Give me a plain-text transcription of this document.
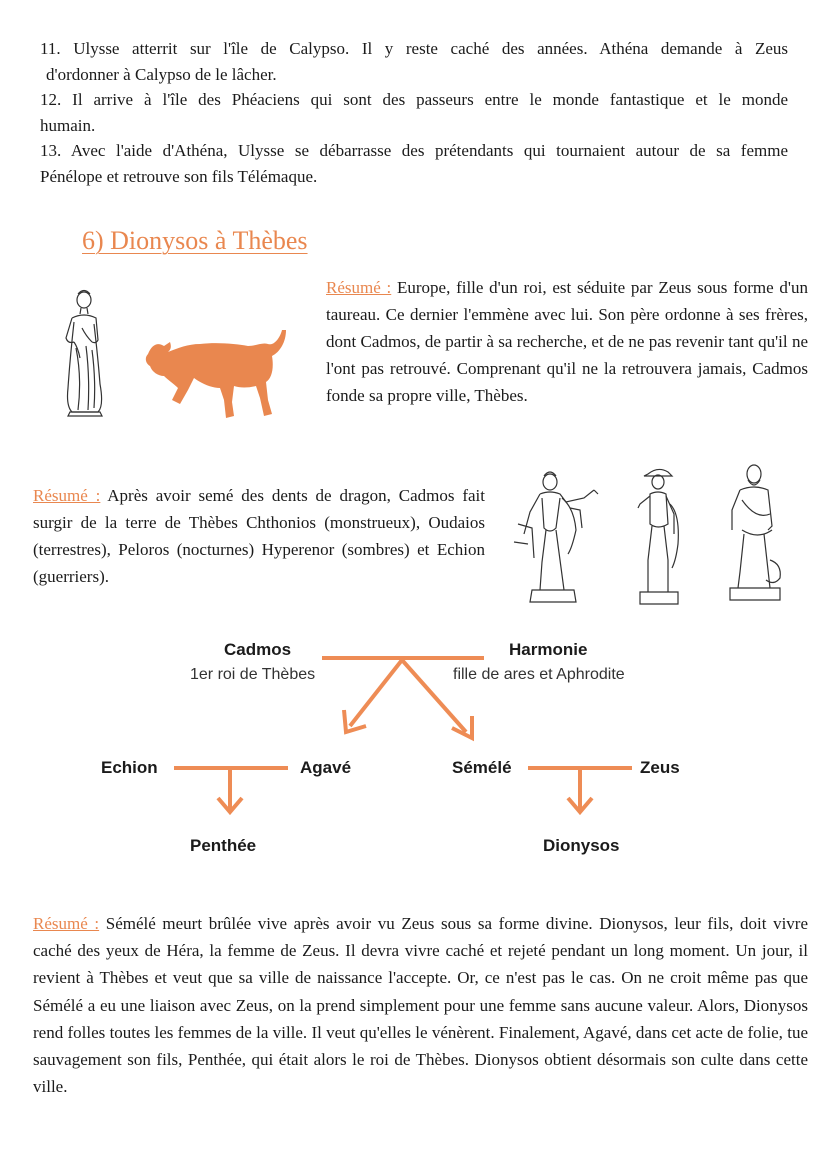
11. Ulysse atterrit sur l'île de Calypso. Il y reste caché des années. Athéna demande à Zeus

d'ordonner à Calypso de le lâcher.

12. Il arrive à l'île des Phéaciens qui sont des passeurs entre le monde fantastique et le monde

humain.

13. Avec l'aide d'Athéna, Ulysse se débarrasse des prétendants qui tournaient autour de sa femme

Pénélope et retrouve son fils Télémaque.

6) Dionysos à Thèbes
Résumé : Europe, fille d'un roi, est séduite par Zeus sous forme d'un taureau. Ce dernier l'emmène avec lui. Son père ordonne à ses frères, dont Cadmos, de partir à sa recherche, et de ne pas revenir tant qu'il ne l'ont pas retrouvé. Comprenant qu'il ne la retrouvera jamais, Cadmos fonde sa propre ville, Thèbes.
Résumé : Après avoir semé des dents de dragon, Cadmos fait surgir de la terre de Thèbes Chthonios (monstrueux), Oudaios (terrestres), Peloros (nocturnes) Hyperenor (sombres) et Echion (guerriers).
Cadmos
1er roi de Thèbes
Harmonie
fille de ares et Aphrodite
Echion	Agavé	Sémélé	Zeus
Penthée	Dionysos
Résumé : Sémélé meurt brûlée vive après avoir vu Zeus sous sa forme divine. Dionysos, leur fils, doit vivre caché des yeux de Héra, la femme de Zeus. Il devra vivre caché et rejeté pendant un long moment. Un jour, il revient à Thèbes et veut que sa ville de naissance l'accepte. Or, ce n'est pas le cas. On ne croit même pas que Sémélé a eu une liaison avec Zeus, on la prend simplement pour une femme sans aucune valeur. Alors, Dionysos rend folles toutes les femmes de la ville. Il veut qu'elles le vénèrent. Finalement, Agavé, dans cet acte de folie, tue sauvagement son fils, Penthée, qui était alors le roi de Thèbes. Dionysos obtient désormais son culte dans cette ville.
